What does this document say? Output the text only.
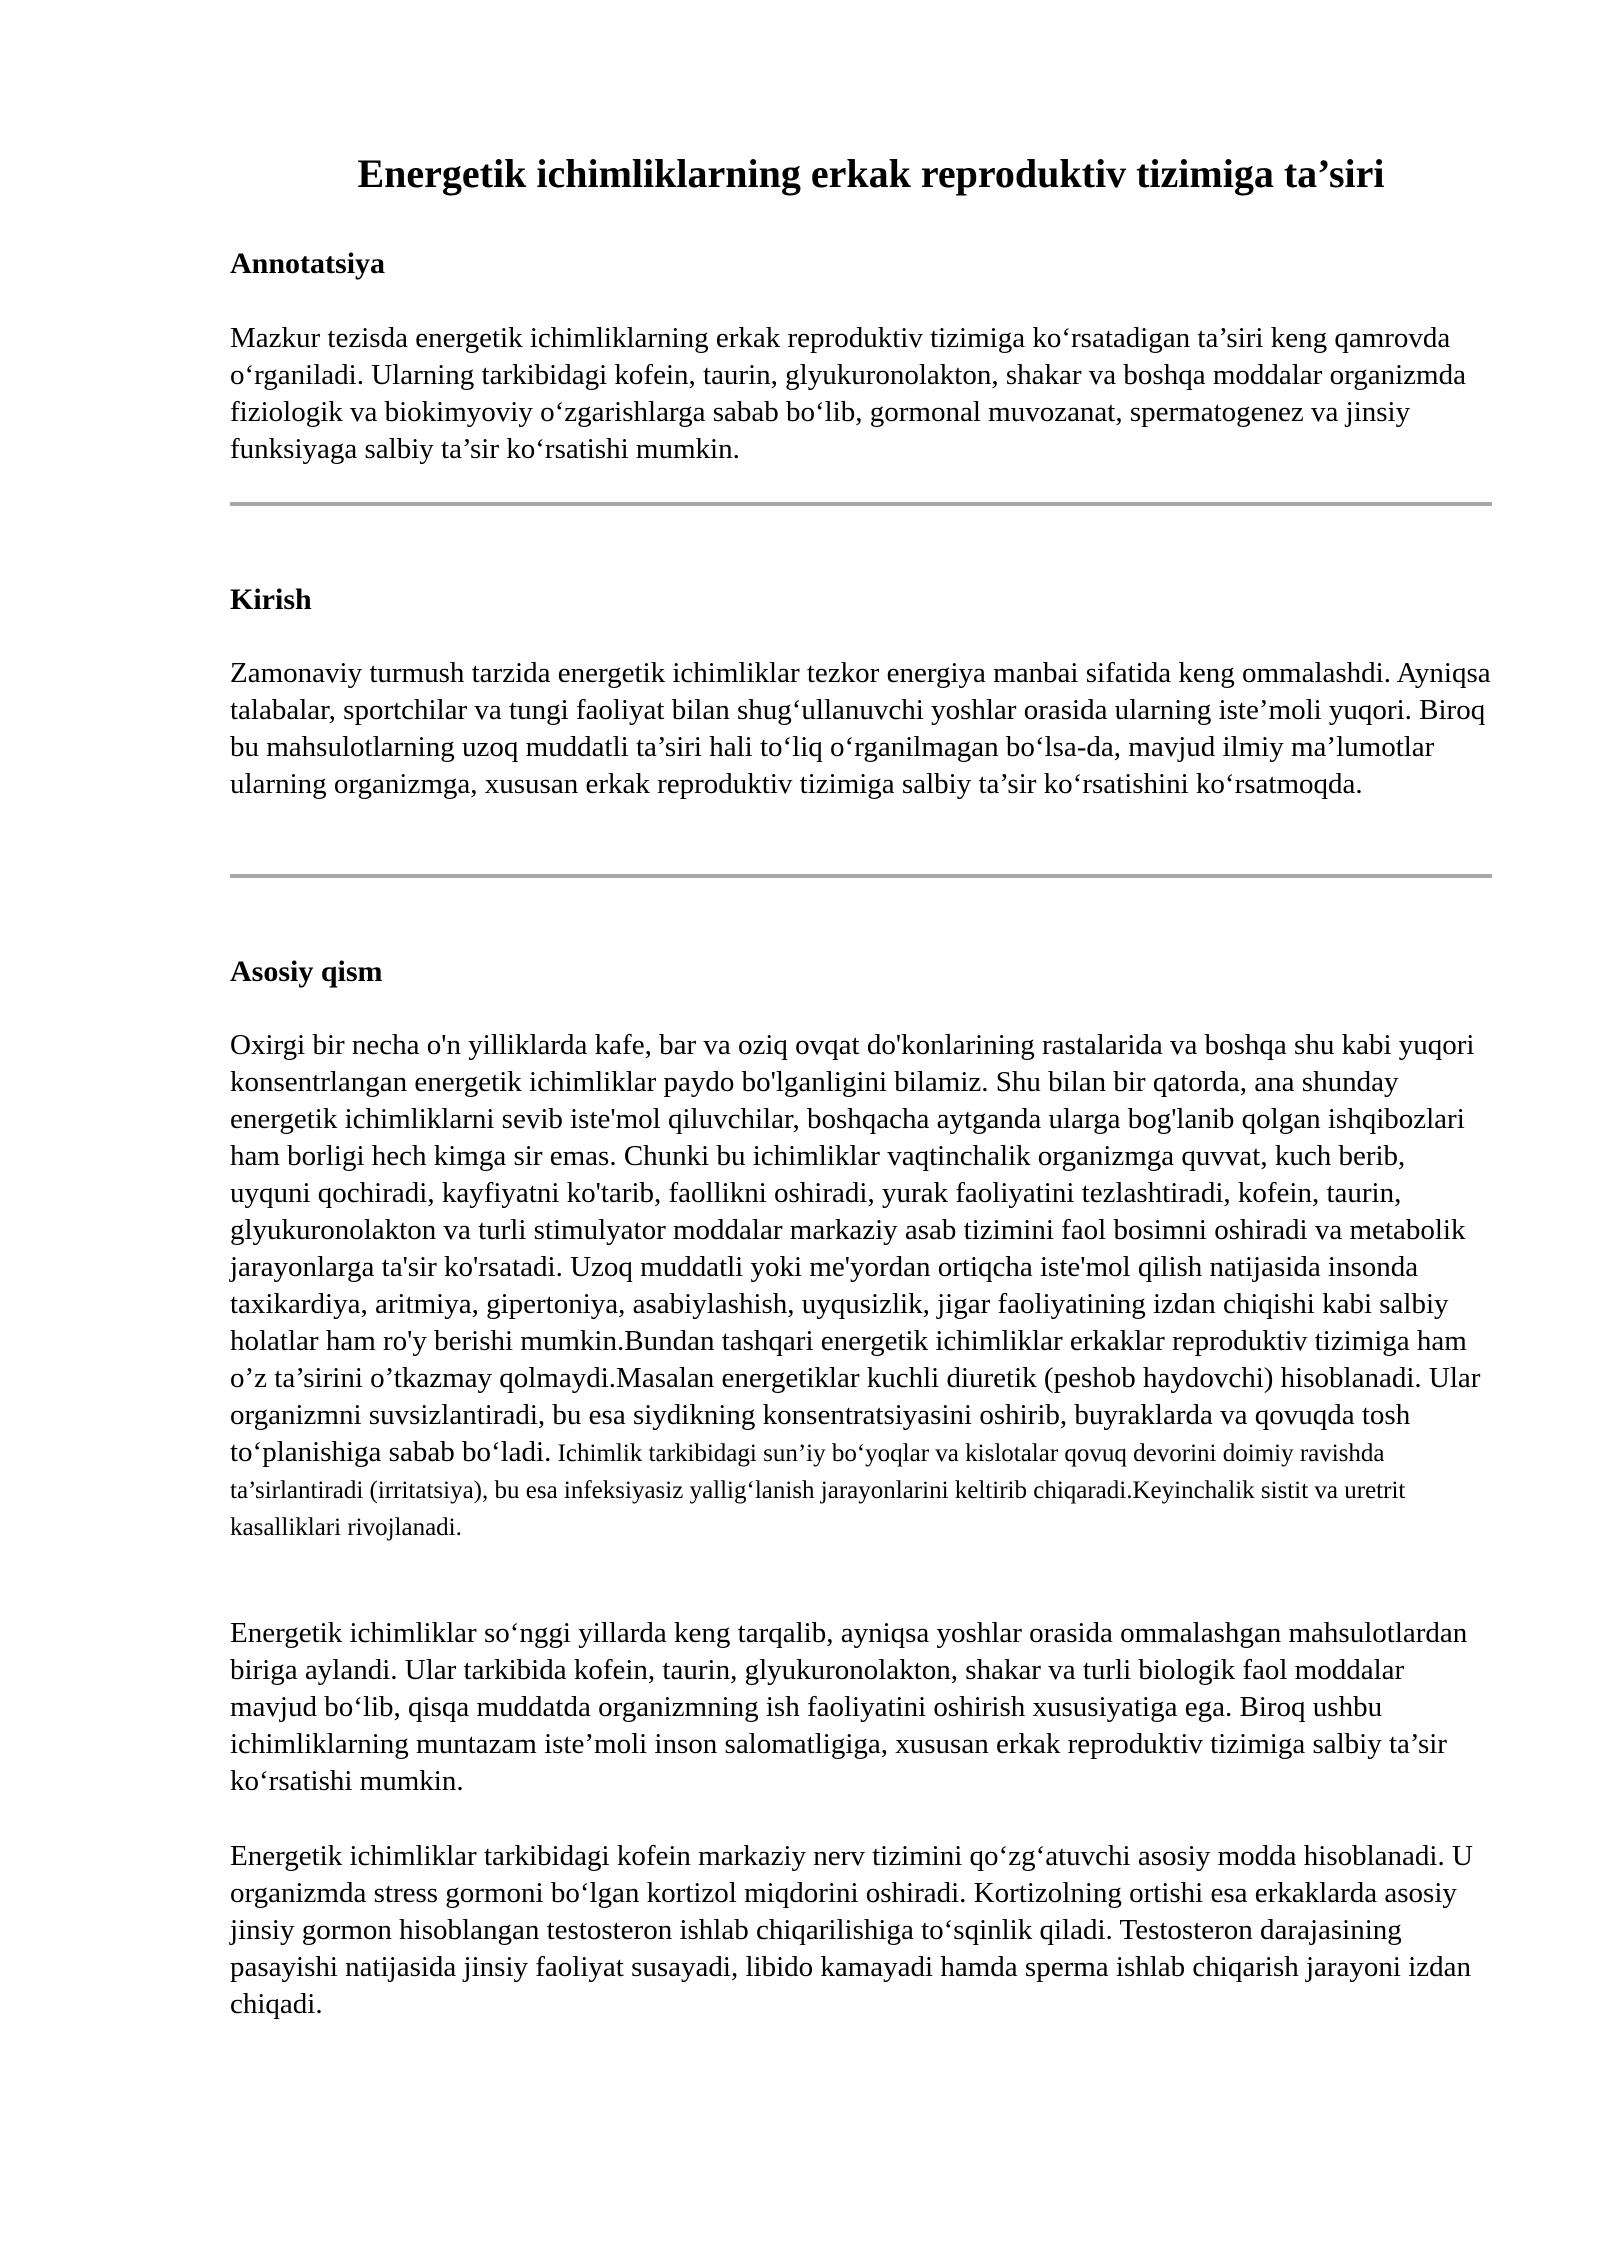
Energetik ichimliklarning erkak reproduktiv tizimiga ta’siri
Annotatsiya

Mazkur tezisda energetik ichimliklarning erkak reproduktiv tizimiga ko‘rsatadigan ta’siri keng qamrovda o‘rganiladi. Ularning tarkibidagi kofein, taurin, glyukuronolakton, shakar va boshqa moddalar organizmda fiziologik va biokimyoviy o‘zgarishlarga sabab bo‘lib, gormonal muvozanat, spermatogenez va jinsiy funksiyaga salbiy ta’sir ko‘rsatishi mumkin.

Kirish

Zamonaviy turmush tarzida energetik ichimliklar tezkor energiya manbai sifatida keng ommalashdi. Ayniqsa talabalar, sportchilar va tungi faoliyat bilan shug‘ullanuvchi yoshlar orasida ularning iste’moli yuqori. Biroq bu mahsulotlarning uzoq muddatli ta’siri hali to‘liq o‘rganilmagan bo‘lsa-da, mavjud ilmiy ma’lumotlar ularning organizmga, xususan erkak reproduktiv tizimiga salbiy ta’sir ko‘rsatishini ko‘rsatmoqda.

Asosiy qism

Oxirgi bir necha o'n yilliklarda kafe, bar va oziq ovqat do'konlarining rastalarida va boshqa shu kabi yuqori konsentrlangan energetik ichimliklar paydo bo'lganligini bilamiz. Shu bilan bir qatorda, ana shunday energetik ichimliklarni sevib iste'mol qiluvchilar, boshqacha aytganda ularga bog'lanib qolgan ishqibozlari ham borligi hech kimga sir emas. Chunki bu ichimliklar vaqtinchalik organizmga quvvat, kuch berib, uyquni qochiradi, kayfiyatni ko'tarib, faollikni oshiradi, yurak faoliyatini tezlashtiradi, kofein, taurin, glyukuronolakton va turli stimulyator moddalar markaziy asab tizimini faol bosimni oshiradi va metabolik jarayonlarga ta'sir ko'rsatadi. Uzoq muddatli yoki me'yordan ortiqcha iste'mol qilish natijasida insonda taxikardiya, aritmiya, gipertoniya, asabiylashish, uyqusizlik, jigar faoliyatining izdan chiqishi kabi salbiy holatlar ham ro'y berishi mumkin.Bundan tashqari energetik ichimliklar erkaklar reproduktiv tizimiga ham o’z ta’sirini o’tkazmay qolmaydi.Masalan energetiklar kuchli diuretik (peshob haydovchi) hisoblanadi. Ular organizmni suvsizlantiradi, bu esa siydikning konsentratsiyasini oshirib, buyraklarda va qovuqda tosh to‘planishiga sabab bo‘ladi. Ichimlik tarkibidagi sun’iy bo‘yoqlar va kislotalar qovuq devorini doimiy ravishda ta’sirlantiradi (irritatsiya), bu esa infeksiyasiz yallig‘lanish jarayonlarini keltirib chiqaradi.Keyinchalik sistit va uretrit kasalliklari rivojlanadi.

Energetik ichimliklar so‘nggi yillarda keng tarqalib, ayniqsa yoshlar orasida ommalashgan mahsulotlardan biriga aylandi. Ular tarkibida kofein, taurin, glyukuronolakton, shakar va turli biologik faol moddalar mavjud bo‘lib, qisqa muddatda organizmning ish faoliyatini oshirish xususiyatiga ega. Biroq ushbu ichimliklarning muntazam iste’moli inson salomatligiga, xususan erkak reproduktiv tizimiga salbiy ta’sir ko‘rsatishi mumkin.

Energetik ichimliklar tarkibidagi kofein markaziy nerv tizimini qo‘zg‘atuvchi asosiy modda hisoblanadi. U organizmda stress gormoni bo‘lgan kortizol miqdorini oshiradi. Kortizolning ortishi esa erkaklarda asosiy jinsiy gormon hisoblangan testosteron ishlab chiqarilishiga to‘sqinlik qiladi. Testosteron darajasining pasayishi natijasida jinsiy faoliyat susayadi, libido kamayadi hamda sperma ishlab chiqarish jarayoni izdan chiqadi.
